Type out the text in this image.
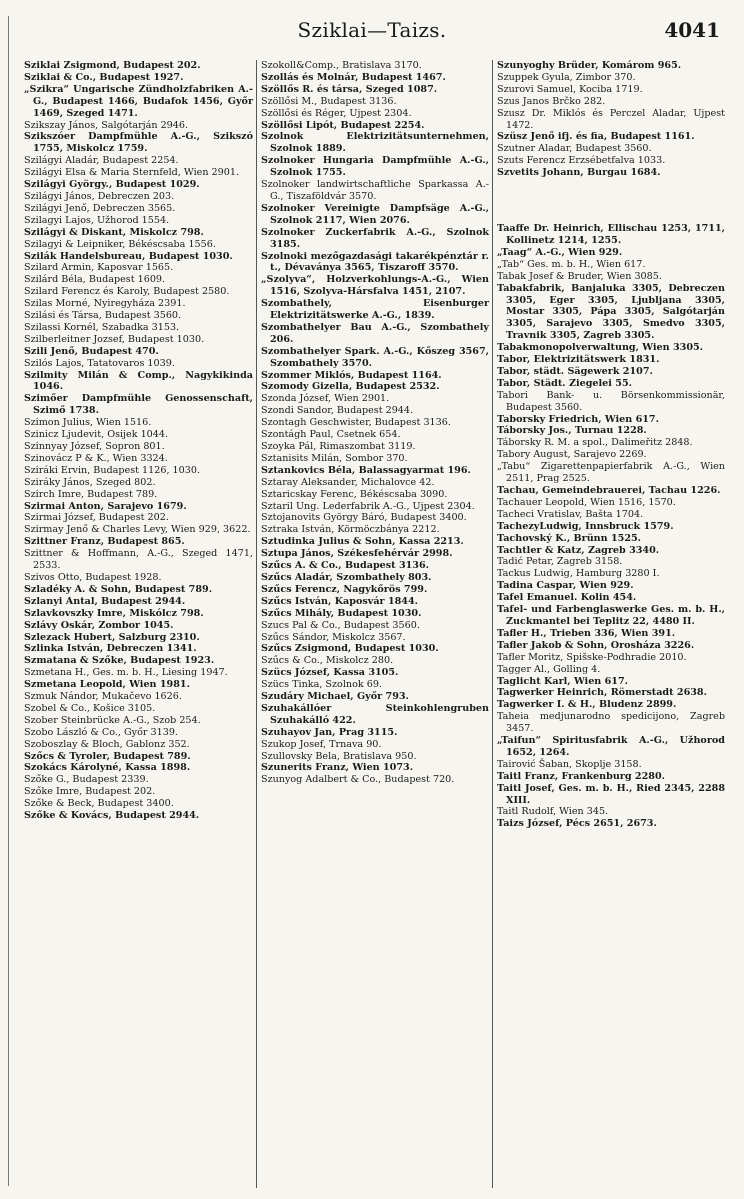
Sziklai—Taizs.	4041

Sziklai Zsigmond, Budapest 202.

Sziklai & Co., Budapest 1927.

„Szikra“ Ungarische Zündholzfabriken A.-G., Budapest 1466, Budafok 1456, Győr 1469, Szeged 1471.

Szikszay János, Salgótarján 2946.

Szikszóer Dampfmühle A.-G., Szikszó 1755, Miskolcz 1759.

Szilágyi Aladár, Budapest 2254.

Szilágyi Elsa & Maria Sternfeld, Wien 2901.

Szilágyi György., Budapest 1029.

Szilágyi János, Debreczen 203.

Szilágyi Jenő, Debreczen 3565.

Szilagyi Lajos, Užhorod 1554.

Szilágyi & Diskant, Miskolcz 798.

Szilagyi & Leipniker, Békéscsaba 1556.

Szilák Handelsbureau, Budapest 1030.

Szilard Armin, Kaposvar 1565.

Szilárd Béla, Budapest 1609.

Szilard Ferencz és Karoly, Budapest 2580.

Szilas Morné, Nyiregyháza 2391.

Szilási és Társa, Budapest 3560.

Szilassi Kornél, Szabadka 3153.

Szilberleitner Jozsef, Budapest 1030.

Szili Jenő, Budapest 470.

Szilós Lajos, Tatatovaros 1039.

Szilmity Milán & Comp., Nagykikinda 1046.

Szimőer Dampfmühle Genossenschaft, Szimő 1738.

Szimon Julius, Wien 1516.

Szinicz Ljudevit, Osijek 1044.

Szinnyay József, Sopron 801.

Szinovácz P & K., Wien 3324.

Sziráki Ervin, Budapest 1126, 1030.

Sziráky János, Szeged 802.

Szirch Imre, Budapest 789.

Szirmai Anton, Sarajevo 1679.

Szirmai József, Budapest 202.

Szirmay Jenő & Charles Levy, Wien 929, 3622.

Szittner Franz, Budapest 865.

Szittner & Hoffmann, A.-G., Szeged 1471, 2533.

Szivos Otto, Budapest 1928.

Szladéky A. & Sohn, Budapest 789.

Szlanyi Antal, Budapest 2944.

Szlavkovszky Imre, Miskólcz 798.

Szlávy Oskár, Zombor 1045.

Szlezack Hubert, Salzburg 2310.

Szlinka István, Debreczen 1341.

Szmatana & Szőke, Budapest 1923.

Szmetana H., Ges. m. b. H., Liesing 1947.

Szmetana Leopold, Wien 1981.

Szmuk Nándor, Mukačevo 1626.

Szobel & Co., Košice 3105.

Szober Steinbrücke A.-G., Szob 254.

Szobo László & Co., Győr 3139.

Szoboszlay & Bloch, Gablonz 352.

Szőcs & Tyroler, Budapest 789.

Szokács Károlyné, Kassa 1898.

Szőke G., Budapest 2339.

Szőke Imre, Budapest 202.

Szőke & Beck, Budapest 3400.

Szőke & Kovács, Budapest 2944.

Szokoll&Comp., Bratislava 3170.

Szollás és Molnár, Budapest 1467.

Szöllős R. és társa, Szeged 1087.

Szöllősi M., Budapest 3136.

Szöllősi és Réger, Ujpest 2304.

Szöllősi Lipót, Budapest 2254.

Szolnok Elektrizitätsunternehmen, Szolnok 1889.

Szolnoker Hungaria Dampfmühle A.-G., Szolnok 1755.

Szolnoker landwirtschaftliche Sparkassa A.-G., Tiszaföldvár 3570.

Szolnoker Vereinigte Dampfsäge A.-G., Szolnok 2117, Wien 2076.

Szolnoker Zuckerfabrik A.-G., Szolnok 3185.

Szolnoki mezőgazdasági takarékpénztár r. t., Dévaványa 3565, Tiszaroff 3570.

„Szolyva“, Holzverkohlungs-A.-G., Wien 1516, Szolyva-Hársfalva 1451, 2107.

Szombathely, Eisenburger Elektrizitätswerke A.-G., 1839.

Szombathelyer Bau A.-G., Szombathely 206.

Szombathelyer Spark. A.-G., Kőszeg 3567, Szombathely 3570.

Szommer Miklós, Budapest 1164.

Szomody Gizella, Budapest 2532.

Szonda József, Wien 2901.

Szondi Sandor, Budapest 2944.

Szontagh Geschwister, Budapest 3136.

Szontágh Paul, Csetnek 654.

Szoyka Pál, Rimaszombat 3119.

Sztanisits Milán, Sombor 370.

Sztankovics Béla, Balassagyarmat 196.

Sztaray Aleksander, Michalovce 42.

Sztaricskay Ferenc, Békéscsaba 3090.

Sztaril Ung. Lederfabrik A.-G., Ujpest 2304.

Sztojanovits György Báró, Budapest 3400.

Sztraka István, Körmöczbánya 2212.

Sztudinka Julius & Sohn, Kassa 2213.

Sztupa János, Székesfehérvár 2998.

Szűcs A. & Co., Budapest 3136.

Szűcs Aladár, Szombathely 803.

Szűcs Ferencz, Nagykőrös 799.

Szűcs István, Kaposvár 1844.

Szűcs Mihály, Budapest 1030.

Szucs Pal & Co., Budapest 3560.

Szűcs Sándor, Miskolcz 3567.

Szűcs Zsigmond, Budapest 1030.

Szűcs & Co., Miskolcz 280.

Szücs József, Kassa 3105.

Szücs Tinka, Szolnok 69.

Szudáry Michael, Győr 793.

Szuhakállóer Steinkohlengruben Szuhakálló 422.

Szuhayov Jan, Prag 3115.

Szukop Josef, Trnava 90.

Szullovsky Bela, Bratislava 950.

Szunerits Franz, Wien 1073.

Szunyog Adalbert & Co., Budapest 720.

Szunyoghy Brüder, Komárom 965.

Szuppek Gyula, Zimbor 370.

Szurovi Samuel, Kociba 1719.

Szus Janos Brčko 282.

Szusz Dr. Miklós és Perczel Aladar, Ujpest 1472.

Szüsz Jenő ifj. és fia, Budapest 1161.

Szutner Aladar, Budapest 3560.

Szuts Ferencz Erzsébetfalva 1033.

Szvetits Johann, Burgau 1684.

Taaffe Dr. Heinrich, Ellischau 1253, 1711, Kollinetz 1214, 1255.

„Taag“ A.-G., Wien 929.

„Tab“ Ges. m. b. H., Wien 617.

Tabak Josef & Bruder, Wien 3085.

Tabakfabrik, Banjaluka 3305, Debreczen 3305, Eger 3305, Ljubljana 3305, Mostar 3305, Pápa 3305, Salgótarján 3305, Sarajevo 3305, Smedvo 3305, Travnik 3305, Zagreb 3305.

Tabakmonopolverwaltung, Wien 3305.

Tabor, Elektrizitätswerk 1831.

Tabor, städt. Sägewerk 2107.

Tabor, Städt. Ziegelei 55.

Tabori Bank- u. Börsenkommissionär, Budapest 3560.

Taborsky Friedrich, Wien 617.

Táborsky Jos., Turnau 1228.

Táborsky R. M. a spol., Dalimeřitz 2848.

Tabory August, Sarajevo 2269.

„Tabu“ Zigarettenpapierfabrik A.-G., Wien 2511, Prag 2525.

Tachau, Gemeindebrauerei, Tachau 1226.

Tachauer Leopold, Wien 1516, 1570.

Tacheci Vratislav, Bašta 1704.

TachezyLudwig, Innsbruck 1579.

Tachovský K., Brünn 1525.

Tachtler & Katz, Zagreb 3340.

Tadić Petar, Zagreb 3158.

Tackus Ludwig, Hamburg 3280 I.

Tadina Caspar, Wien 929.

Tafel Emanuel. Kolin 454.

Tafel- und Farbenglaswerke Ges. m. b. H., Zuckmantel bei Teplitz 22, 4480 II.

Tafler H., Trieben 336, Wien 391.

Tafler Jakob & Sohn, Orosháza 3226.

Tafler Moritz, Spišske-Podhradie 2010.

Tagger Al., Golling 4.

Taglicht Karl, Wien 617.

Tagwerker Heinrich, Römerstadt 2638.

Tagwerker I. & H., Bludenz 2899.

Taheia medjunarodno spedicijono, Zagreb 3457.

„Taifun“ Spiritusfabrik A.-G., Užhorod 1652, 1264.

Tairović Šaban, Skoplje 3158.

Taitl Franz, Frankenburg 2280.

Taitl Josef, Ges. m. b. H., Ried 2345, 2288 XIII.

Taitl Rudolf, Wien 345.

Taizs József, Pécs 2651, 2673.
